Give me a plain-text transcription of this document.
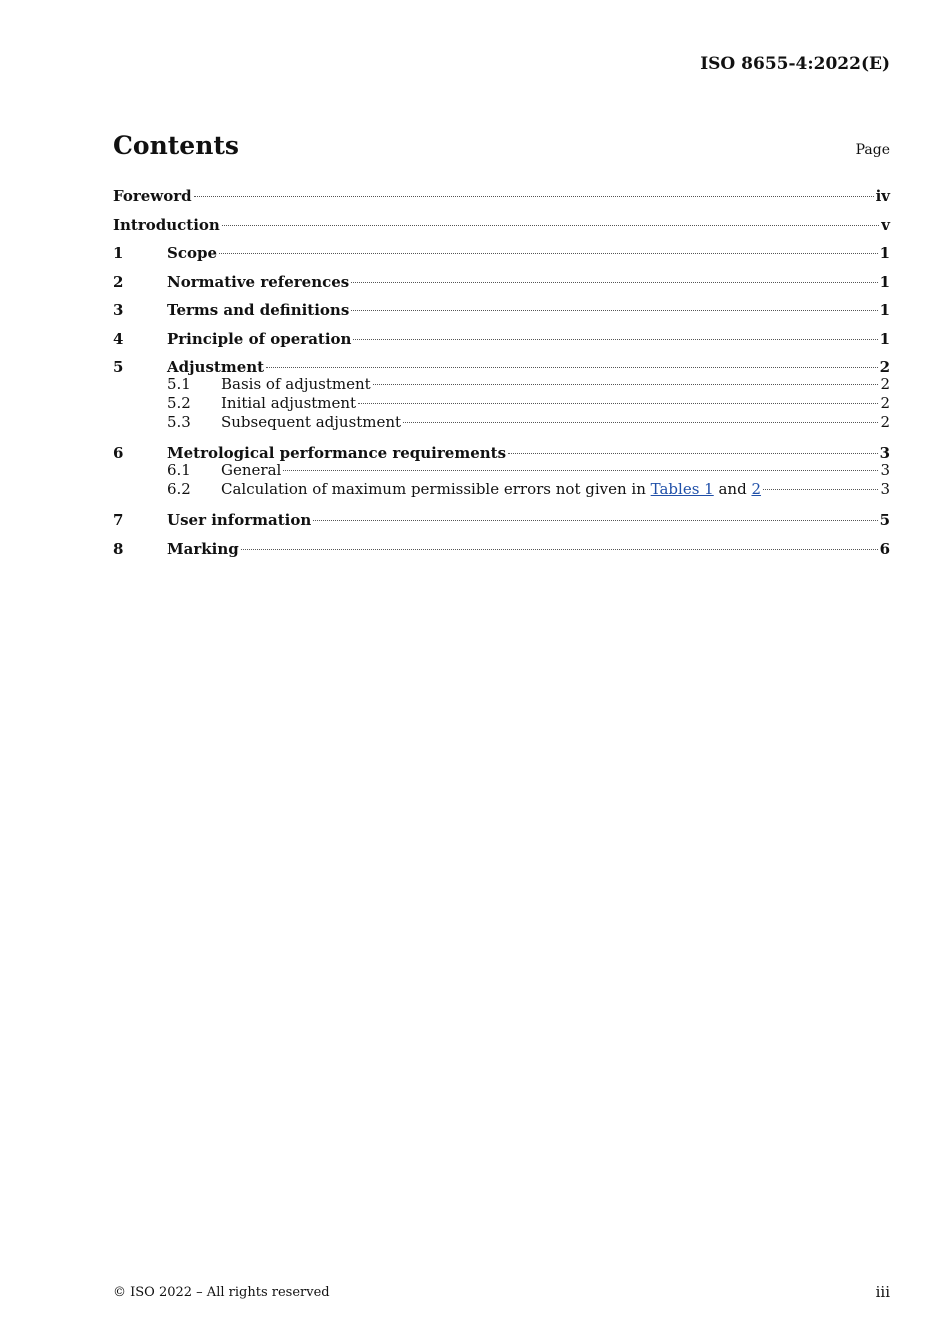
ISO 8655-4:2022(E)
Contents	Page
Foreword	iv
Introduction	v
1	Scope	1
2	Normative references	1
3	Terms and definitions	1
4	Principle of operation	1
5	Adjustment	2
5.1	Basis of adjustment	2
5.2	Initial adjustment	2
5.3	Subsequent adjustment	2
6	Metrological performance requirements	3
6.1	General	3
6.2	Calculation of maximum permissible errors not given in Tables 1 and 2	3
7	User information	5
8	Marking	6
© ISO 2022 – All rights reserved	iii
